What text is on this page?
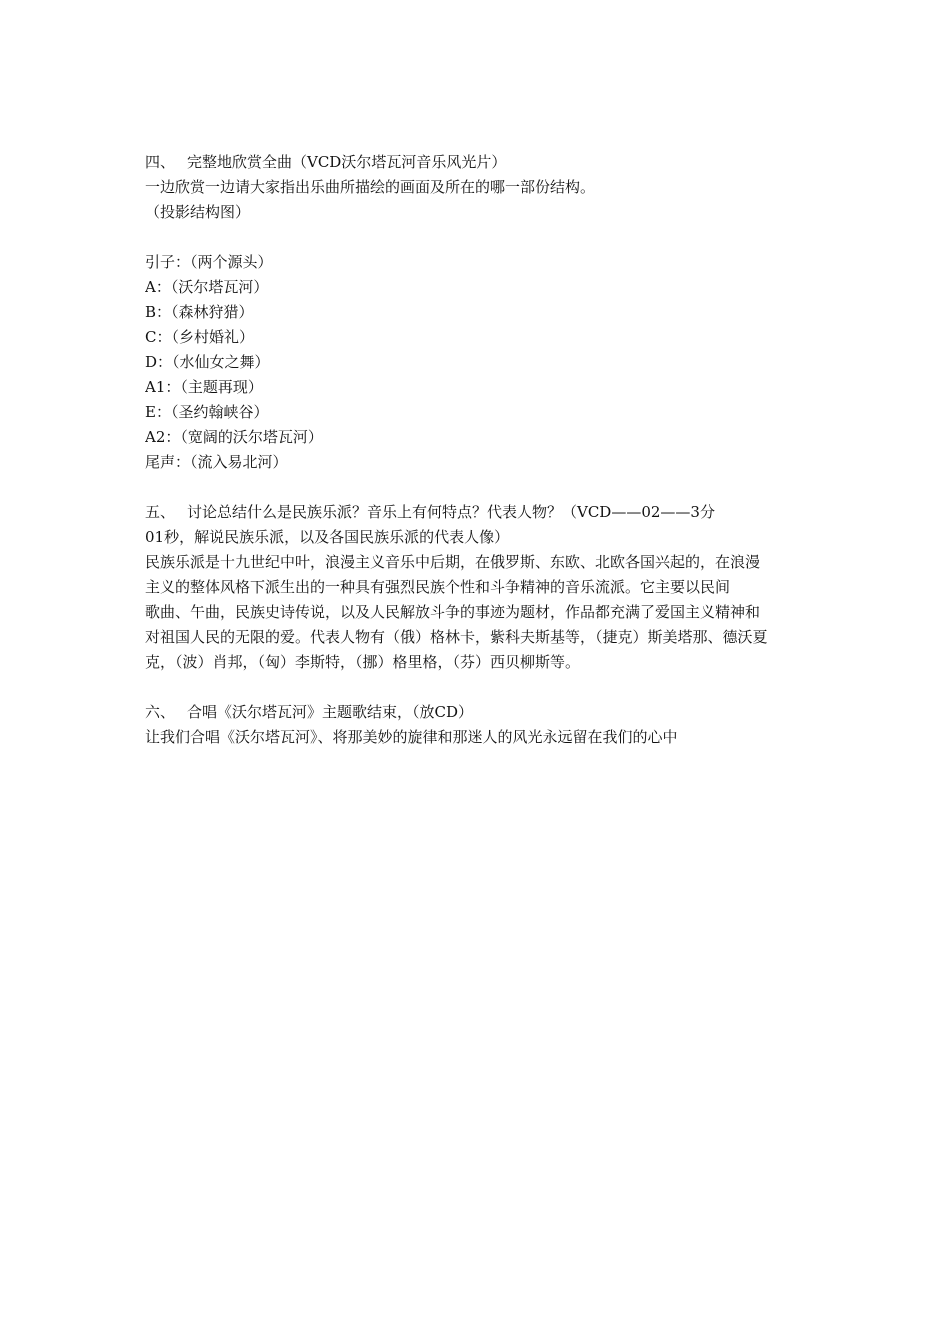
四、 完整地欣赏全曲（VCD沃尔塔瓦河音乐风光片）
一边欣赏一边请大家指出乐曲所描绘的画面及所在的哪一部份结构。
（投影结构图）
引子：（两个源头）
A：（沃尔塔瓦河）
B：（森林狩猎）
C：（乡村婚礼）
D：（水仙女之舞）
A1：（主题再现）
E：（圣约翰峡谷）
A2：（宽阔的沃尔塔瓦河）
尾声：（流入易北河）
五、 讨论总结什么是民族乐派？音乐上有何特点？代表人物？（VCD——02——3分
01秒，解说民族乐派，以及各国民族乐派的代表人像）
民族乐派是十九世纪中叶，浪漫主义音乐中后期，在俄罗斯、东欧、北欧各国兴起的，在浪漫
主义的整体风格下派生出的一种具有强烈民族个性和斗争精神的音乐流派。它主要以民间
歌曲、午曲，民族史诗传说，以及人民解放斗争的事迹为题材，作品都充满了爱国主义精神和
对祖国人民的无限的爱。代表人物有（俄）格林卡，紫科夫斯基等，（捷克）斯美塔那、德沃夏
克，（波）肖邦，（匈）李斯特，（挪）格里格，（芬）西贝柳斯等。
六、 合唱《沃尔塔瓦河》主题歌结束，（放CD）
让我们合唱《沃尔塔瓦河》、将那美妙的旋律和那迷人的风光永远留在我们的心中
